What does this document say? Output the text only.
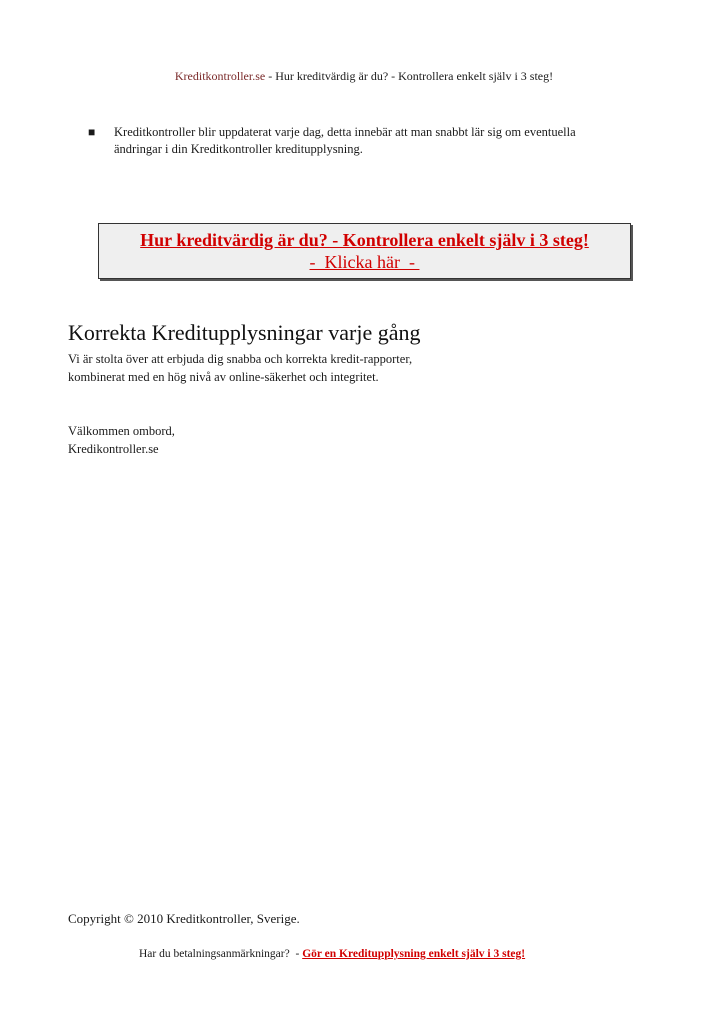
Kreditkontroller.se - Hur kreditvärdig är du? - Kontrollera enkelt själv i 3 steg!
■ Kreditkontroller blir uppdaterat varje dag, detta innebär att man snabbt lär sig om eventuella
ändringar i din Kreditkontroller kreditupplysning.
Hur kreditvärdig är du? - Kontrollera enkelt själv i 3 steg!
-  Klicka här  -
Korrekta Kreditupplysningar varje gång
Vi är stolta över att erbjuda dig snabba och korrekta kredit-rapporter,
kombinerat med en hög nivå av online-säkerhet och integritet.
Välkommen ombord,
Kredikontroller.se
Copyright © 2010 Kreditkontroller, Sverige.
Har du betalningsanmärkningar?  - Gör en Kreditupplysning enkelt själv i 3 steg!
